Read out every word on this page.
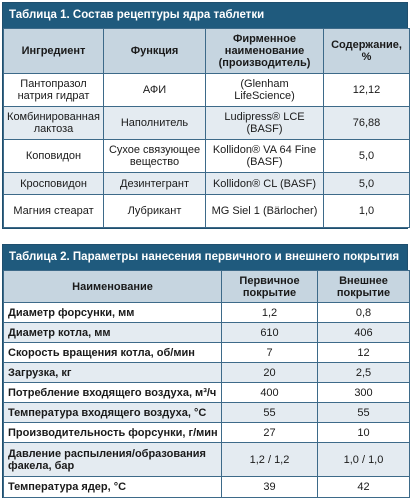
Таблица 1. Состав рецептуры ядра таблетки
Ингредиент	Функция	Фирменное наименование (производитель)	Содержание, %
Пантопразол натрия гидрат	АФИ	(Glenham LifeScience)	12,12
Комбинированная лактоза	Наполнитель	Ludipress® LCE (BASF)	76,88
Коповидон	Сухое связующее вещество	Kollidon® VA 64 Fine (BASF)	5,0
Кросповидон	Дезинтегрант	Kollidon® CL (BASF)	5,0
Магния стеарат	Лубрикант	MG Siel 1 (Bärlocher)	1,0
Таблица 2. Параметры нанесения первичного и внешнего покрытия
Наименование	Первичное покрытие	Внешнее покрытие
Диаметр форсунки, мм	1,2	0,8
Диаметр котла, мм	610	406
Скорость вращения котла, об/мин	7	12
Загрузка, кг	20	2,5
Потребление входящего воздуха, м³/ч	400	300
Температура входящего воздуха, °C	55	55
Производительность форсунки, г/мин	27	10
Давление распыления/образования факела, бар	1,2 / 1,2	1,0 / 1,0
Температура ядер, °C	39	42
